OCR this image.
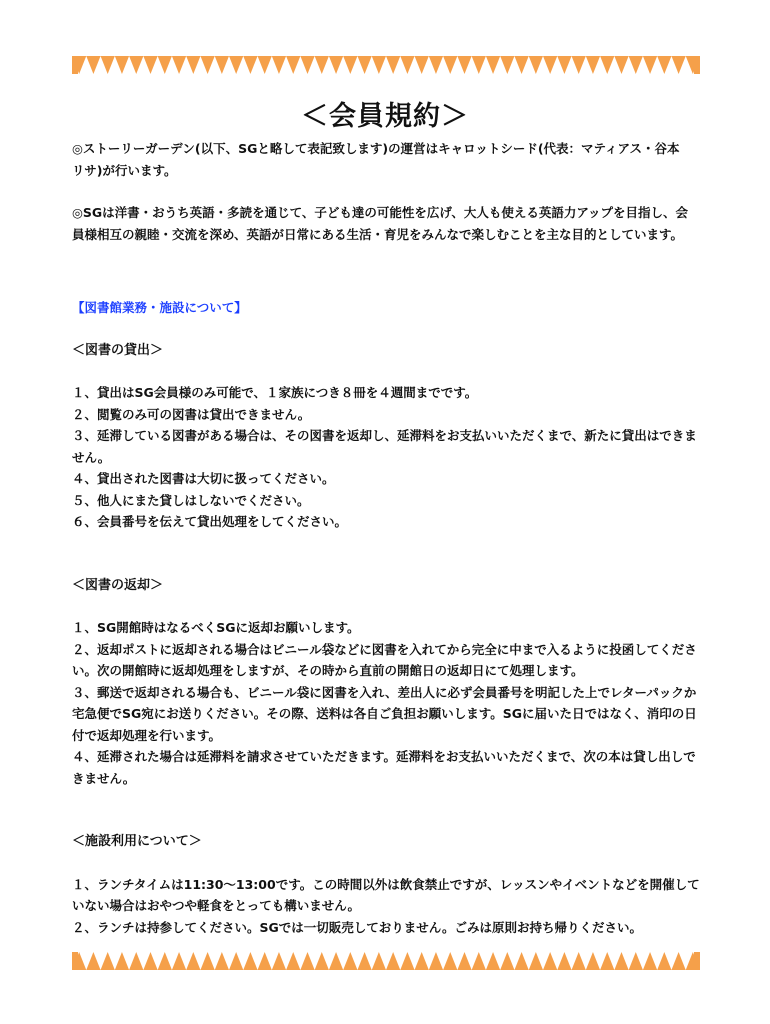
＜会員規約＞

◎ストーリーガーデン(以下、SGと略して表記致します)の運営はキャロットシード(代表：マティアス・谷本　リサ)が行います。

◎SGは洋書・おうち英語・多読を通じて、子ども達の可能性を広げ、大人も使える英語力アップを目指し、会員様相互の親睦・交流を深め、英語が日常にある生活・育児をみんなで楽しむことを主な目的としています。

【図書館業務・施設について】

＜図書の貸出＞

１、貸出はSG会員様のみ可能で、１家族につき８冊を４週間までです。
２、閲覧のみ可の図書は貸出できません。
３、延滞している図書がある場合は、その図書を返却し、延滞料をお支払いいただくまで、新たに貸出はできません。
４、貸出された図書は大切に扱ってください。
５、他人にまた貸しはしないでください。
６、会員番号を伝えて貸出処理をしてください。

＜図書の返却＞

１、SG開館時はなるべくSGに返却お願いします。
２、返却ポストに返却される場合はビニール袋などに図書を入れてから完全に中まで入るように投函してください。次の開館時に返却処理をしますが、その時から直前の開館日の返却日にて処理します。
３、郵送で返却される場合も、ビニール袋に図書を入れ、差出人に必ず会員番号を明記した上でレターパックか宅急便でSG宛にお送りください。その際、送料は各自ご負担お願いします。SGに届いた日ではなく、消印の日付で返却処理を行います。
４、延滞された場合は延滞料を請求させていただきます。延滞料をお支払いいただくまで、次の本は貸し出しできません。

＜施設利用について＞

１、ランチタイムは11:30〜13:00です。この時間以外は飲食禁止ですが、レッスンやイベントなどを開催していない場合はおやつや軽食をとっても構いません。
２、ランチは持参してください。SGでは一切販売しておりません。ごみは原則お持ち帰りください。
